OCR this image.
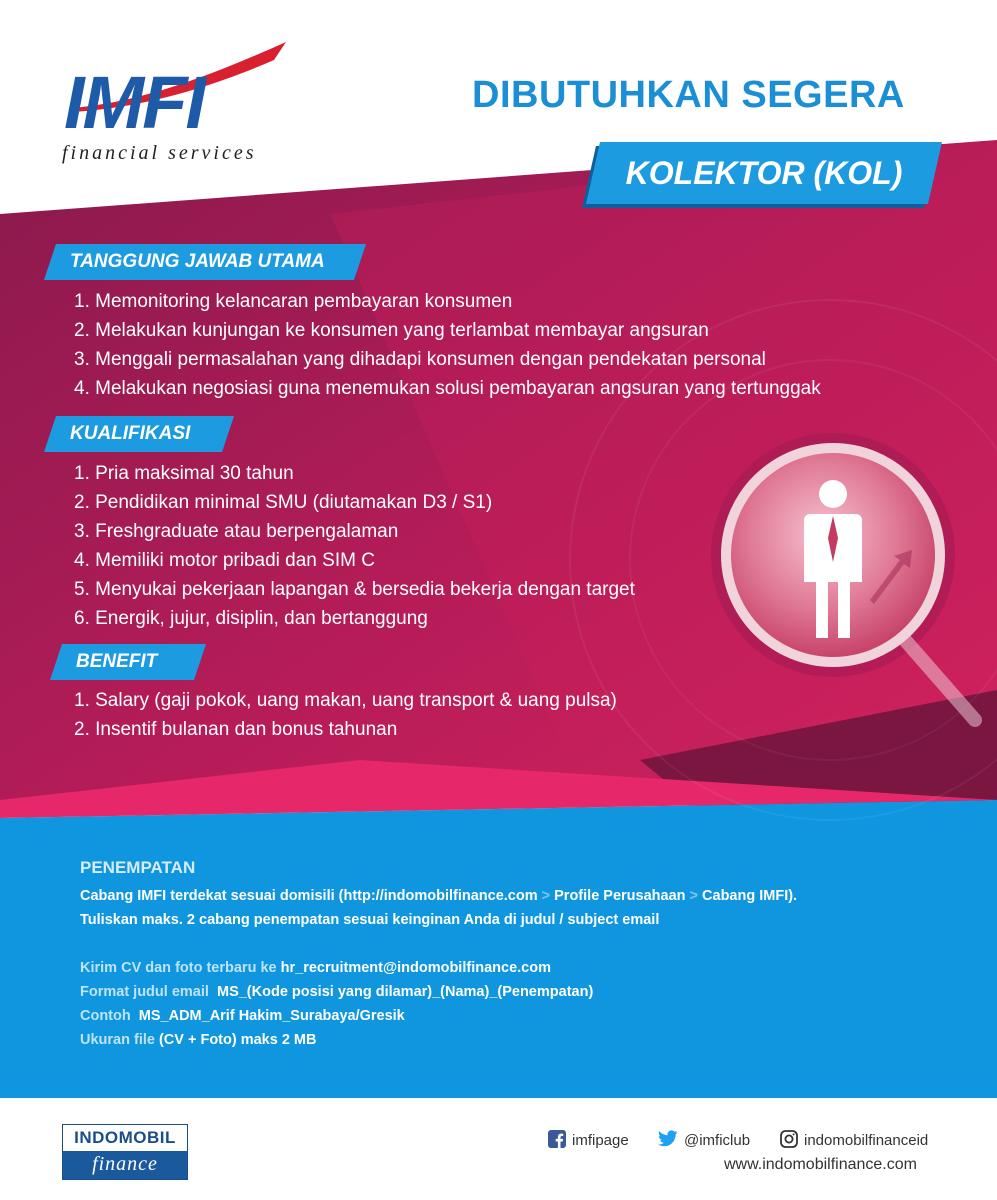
IMFI
financial services
DIBUTUHKAN SEGERA
KOLEKTOR (KOL)
TANGGUNG JAWAB UTAMA
1. Memonitoring kelancaran pembayaran konsumen
2. Melakukan kunjungan ke konsumen yang terlambat membayar angsuran
3. Menggali permasalahan yang dihadapi konsumen dengan pendekatan personal
4. Melakukan negosiasi guna menemukan solusi pembayaran angsuran yang tertunggak
KUALIFIKASI
1. Pria maksimal 30 tahun
2. Pendidikan minimal SMU (diutamakan D3 / S1)
3. Freshgraduate atau berpengalaman
4. Memiliki motor pribadi dan SIM C
5. Menyukai pekerjaan lapangan & bersedia bekerja dengan target
6. Energik, jujur, disiplin, dan bertanggung
BENEFIT
1. Salary (gaji pokok, uang makan, uang transport & uang pulsa)
2. Insentif bulanan dan bonus tahunan
PENEMPATAN
Cabang IMFI terdekat sesuai domisili (http://indomobilfinance.com > Profile Perusahaan > Cabang IMFI).
Tuliskan maks. 2 cabang penempatan sesuai keinginan Anda di judul / subject email
Kirim CV dan foto terbaru ke hr_recruitment@indomobilfinance.com
Format judul email MS_(Kode posisi yang dilamar)_(Nama)_(Penempatan)
Contoh MS_ADM_Arif Hakim_Surabaya/Gresik
Ukuran file (CV + Foto) maks 2 MB
INDOMOBIL
finance
imfipage	@imficlub	indomobilfinanceid
www.indomobilfinance.com
